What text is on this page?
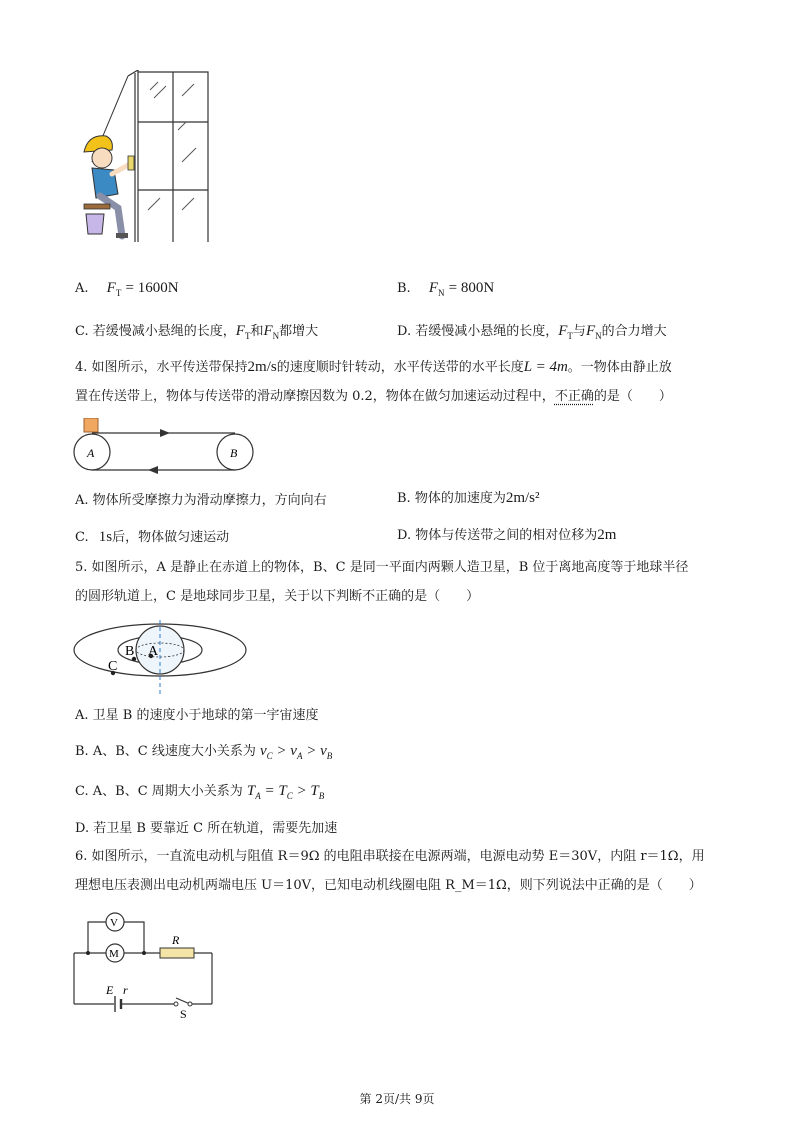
A. $F_T = 1600N$	B. $F_N = 800N$
C. 若缓慢减小悬绳的长度，$F_T$和$F_N$都增大	D. 若缓慢减小悬绳的长度，$F_T$与$F_N$的合力增大
4. 如图所示，水平传送带保持2m/s的速度顺时针转动，水平传送带的水平长度L = 4m。一物体由静止放
置在传送带上，物体与传送带的滑动摩擦因数为 0.2，物体在做匀加速运动过程中，不正确的是（　　）
A	B
A. 物体所受摩擦力为滑动摩擦力，方向向右	B. 物体的加速度为2m/s²
C. 1s后，物体做匀速运动	D. 物体与传送带之间的相对位移为2m
5. 如图所示，A 是静止在赤道上的物体，B、C 是同一平面内两颗人造卫星，B 位于离地高度等于地球半径
的圆形轨道上，C 是地球同步卫星，关于以下判断不正确的是（　　）
A
B
C
A. 卫星 B 的速度小于地球的第一宇宙速度
B. A、B、C 线速度大小关系为 $v_C > v_A > v_B$
C. A、B、C 周期大小关系为 $T_A = T_C > T_B$
D. 若卫星 B 要靠近 C 所在轨道，需要先加速
6. 如图所示，一直流电动机与阻值 R＝9Ω 的电阻串联接在电源两端，电源电动势 E＝30V，内阻 r＝1Ω，用
理想电压表测出电动机两端电压 U＝10V，已知电动机线圈电阻 R_M＝1Ω，则下列说法中正确的是（　　）
V
M
R
E r
S
第 2页/共 9页
